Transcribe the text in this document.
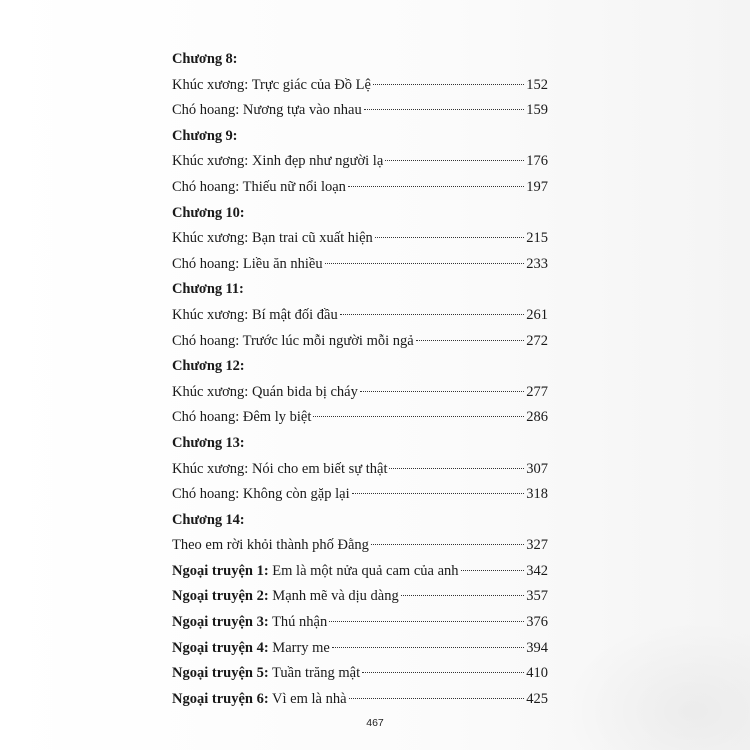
Chương 8:
Khúc xương: Trực giác của Đồ Lệ	152
Chó hoang: Nương tựa vào nhau	159
Chương 9:
Khúc xương: Xinh đẹp như người lạ	176
Chó hoang: Thiếu nữ nổi loạn	197
Chương 10:
Khúc xương: Bạn trai cũ xuất hiện	215
Chó hoang: Liều ăn nhiều	233
Chương 11:
Khúc xương: Bí mật đối đầu	261
Chó hoang: Trước lúc mỗi người mỗi ngả	272
Chương 12:
Khúc xương: Quán bida bị cháy	277
Chó hoang: Đêm ly biệt	286
Chương 13:
Khúc xương: Nói cho em biết sự thật	307
Chó hoang: Không còn gặp lại	318
Chương 14:
Theo em rời khỏi thành phố Đằng	327
Ngoại truyện 1: Em là một nửa quả cam của anh	342
Ngoại truyện 2: Mạnh mẽ và dịu dàng	357
Ngoại truyện 3: Thú nhận	376
Ngoại truyện 4: Marry me	394
Ngoại truyện 5: Tuần trăng mật	410
Ngoại truyện 6: Vì em là nhà	425
467
